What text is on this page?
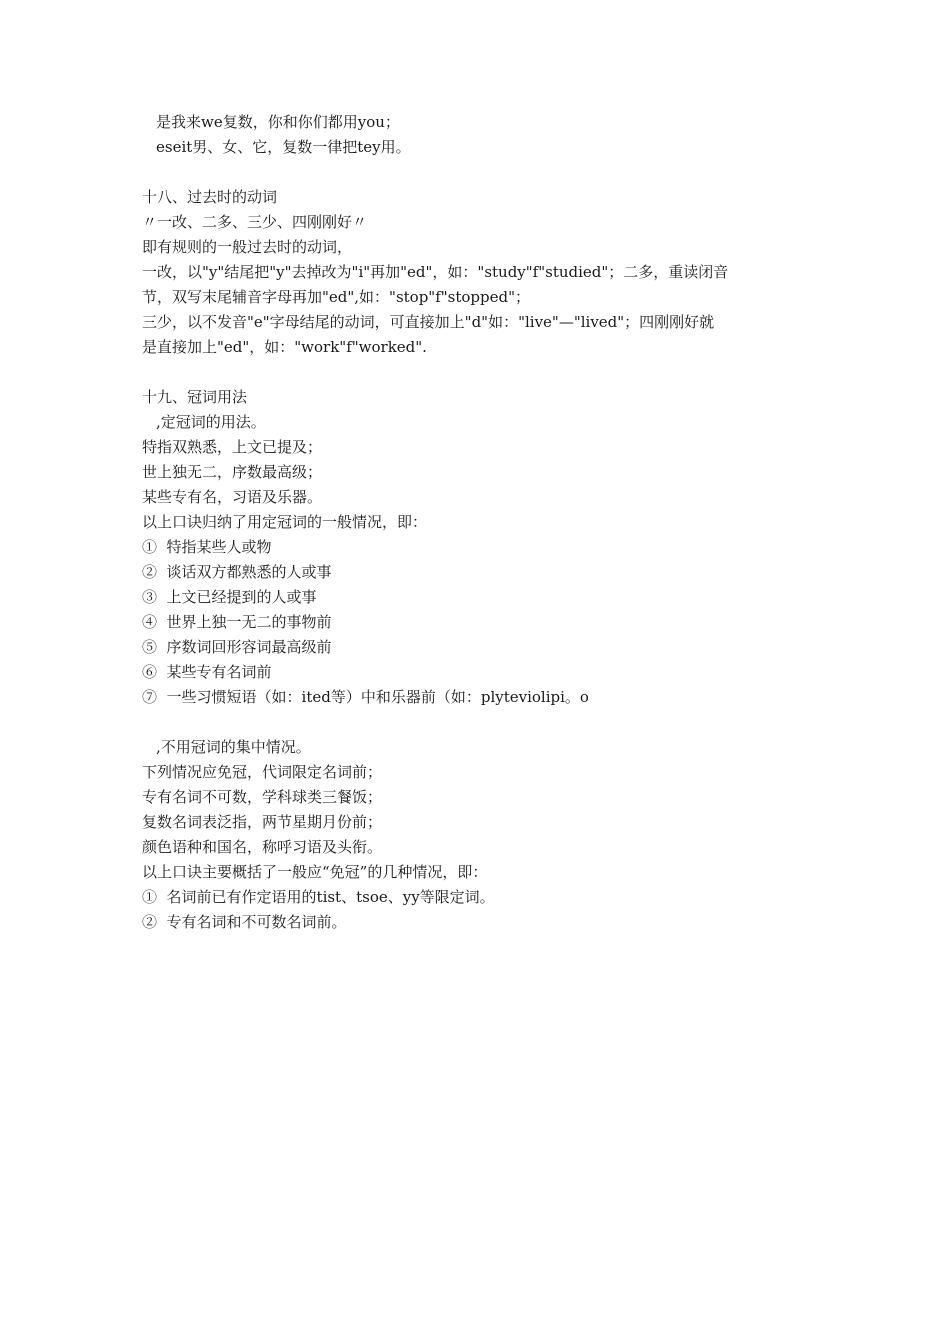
是我来we复数，你和你们都用you；

eseit男、女、它，复数一律把tey用。

十八、过去时的动词

〃一改、二多、三少、四刚刚好〃

即有规则的一般过去时的动词，

一改，以"y"结尾把"y"去掉改为"i"再加"ed"，如："study"f"studied"；二多，重读闭音

节，双写末尾辅音字母再加"ed",如："stop"f"stopped"；

三少，以不发音"e"字母结尾的动词，可直接加上"d"如："live"—"lived"；四刚刚好就

是直接加上"ed"，如："work"f"worked".

十九、冠词用法

,定冠词的用法。

特指双熟悉，上文已提及；

世上独无二，序数最高级；

某些专有名，习语及乐器。

以上口诀归纳了用定冠词的一般情况，即：

①  特指某些人或物

②  谈话双方都熟悉的人或事

③  上文已经提到的人或事

④  世界上独一无二的事物前

⑤  序数词回形容词最高级前

⑥  某些专有名词前

⑦  一些习惯短语（如：ited等）中和乐器前（如：plyteviolipi。o

,不用冠词的集中情况。

下列情况应免冠，代词限定名词前；

专有名词不可数，学科球类三餐饭；

复数名词表泛指，两节星期月份前；

颜色语种和国名，称呼习语及头衔。

以上口诀主要概括了一般应“免冠”的几种情况，即：

①  名词前已有作定语用的tist、tsoe、yy等限定词。

②  专有名词和不可数名词前。
